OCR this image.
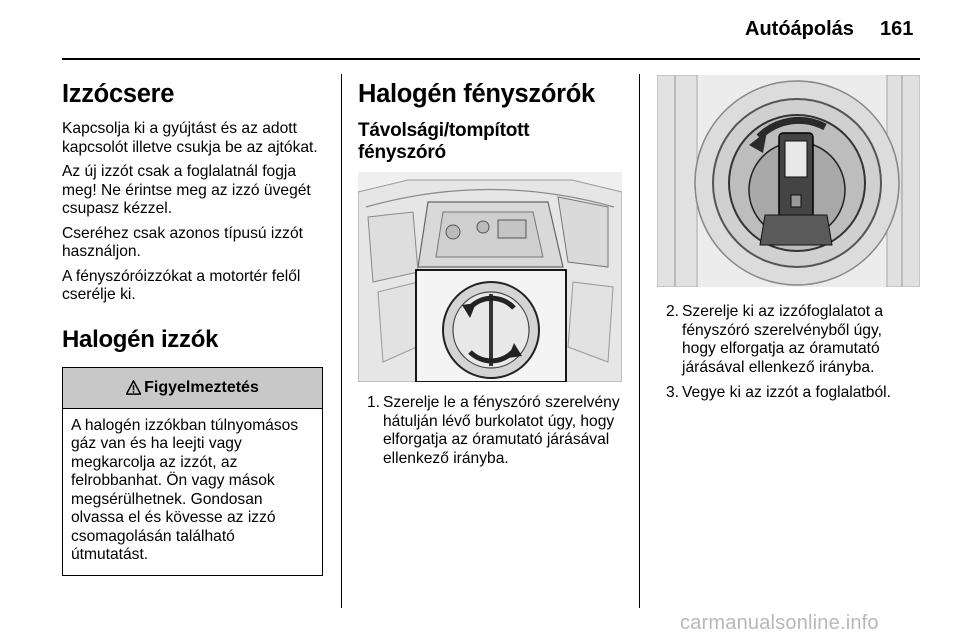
Autóápolás 161
Izzócsere

Kapcsolja ki a gyújtást és az adott kapcsolót illetve csukja be az ajtókat.

Az új izzót csak a foglalatnál fogja meg! Ne érintse meg az izzó üvegét csupasz kézzel.

Cseréhez csak azonos típusú izzót használjon.

A fényszóróizzókat a motortér felől cserélje ki.

Halogén izzók
Figyelmeztetés
A halogén izzókban túlnyomásos gáz van és ha leejti vagy megkarcolja az izzót, az felrobbanhat. Ön vagy mások megsérülhetnek. Gondosan olvassa el és kövesse az izzó csomagolásán található útmutatást.
Halogén fényszórók
Távolsági/tompított fényszóró
1. Szerelje le a fényszóró szerelvény hátulján lévő burkolatot úgy, hogy elforgatja az óramutató járásával ellenkező irányba.
2. Szerelje ki az izzófoglalatot a fényszóró szerelvényből úgy, hogy elforgatja az óramutató járásával ellenkező irányba.
3. Vegye ki az izzót a foglalatból.
carmanualsonline.info
